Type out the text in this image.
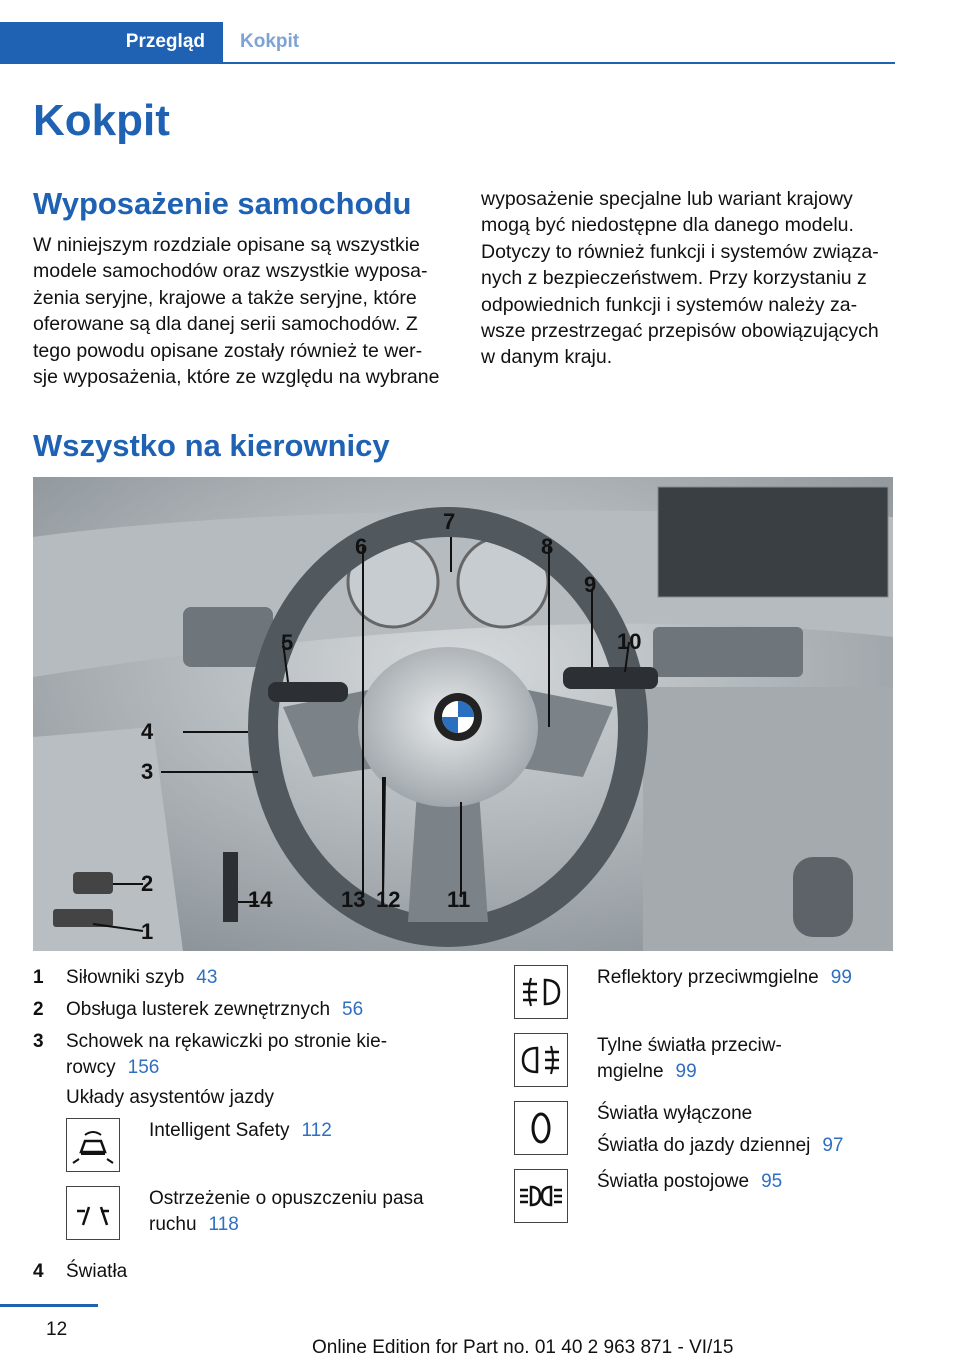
Przegląd	Kokpit
Kokpit
Wyposażenie samochodu
W niniejszym rozdziale opisane są wszystkie
modele samochodów oraz wszystkie wyposa-
żenia seryjne, krajowe a także seryjne, które
oferowane są dla danej serii samochodów. Z
tego powodu opisane zostały również te wer-
sje wyposażenia, które ze względu na wybrane
wyposażenie specjalne lub wariant krajowy
mogą być niedostępne dla danego modelu.
Dotyczy to również funkcji i systemów związa-
nych z bezpieczeństwem. Przy korzystaniu z
odpowiednich funkcji i systemów należy za-
wsze przestrzegać przepisów obowiązujących
w danym kraju.
Wszystko na kierownicy
1
2
3
4
5
6
7
8
9
10
11
12
13
14
1 Siłowniki szyb 43
2 Obsługa lusterek zewnętrznych 56
3 Schowek na rękawiczki po stronie kie-
rowcy 156
Układy asystentów jazdy
Intelligent Safety 112
Ostrzeżenie o opuszczeniu pasa
ruchu 118
4 Światła
Reflektory przeciwmgielne 99
Tylne światła przeciw-
mgielne 99
Światła wyłączone
Światła do jazdy dziennej 97
Światła postojowe 95
12
Online Edition for Part no. 01 40 2 963 871 - VI/15
